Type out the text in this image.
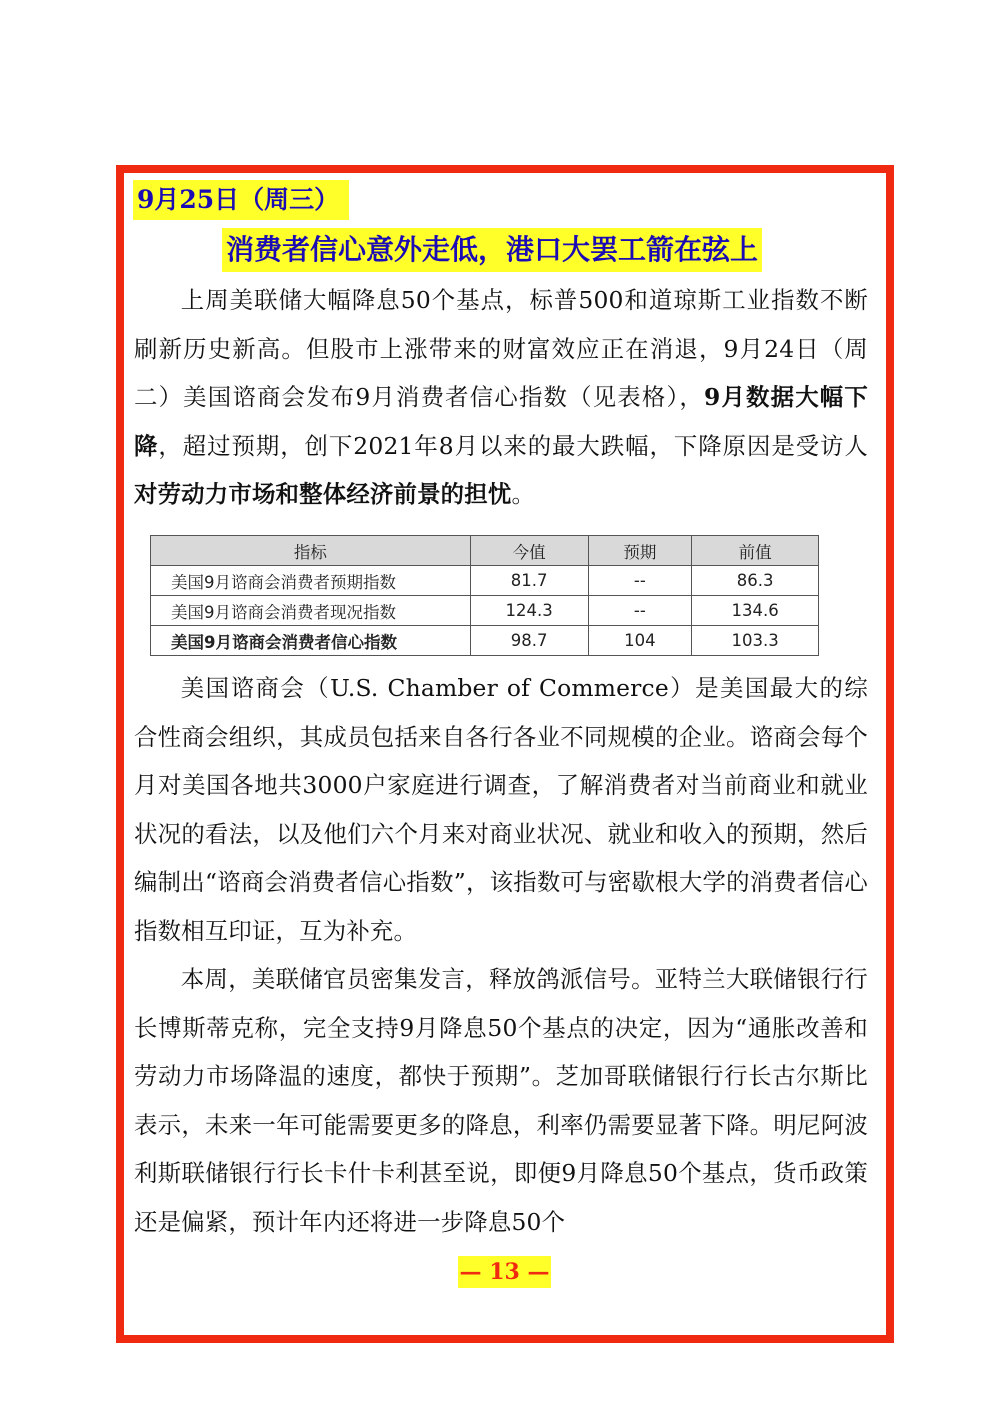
9月25日（周三）
消费者信心意外走低，港口大罢工箭在弦上

上周美联储大幅降息50个基点，标普500和道琼斯工业指数不断刷新历史新高。但股市上涨带来的财富效应正在消退，9月24日（周二）美国谘商会发布9月消费者信心指数（见表格），9月数据大幅下降，超过预期，创下2021年8月以来的最大跌幅，下降原因是受访人对劳动力市场和整体经济前景的担忧。

指标	今值	预期	前值
美国9月谘商会消费者预期指数	81.7	--	86.3
美国9月谘商会消费者现况指数	124.3	--	134.6
美国9月谘商会消费者信心指数	98.7	104	103.3

美国谘商会（U.S. Chamber of Commerce）是美国最大的综合性商会组织，其成员包括来自各行各业不同规模的企业。谘商会每个月对美国各地共3000户家庭进行调查，了解消费者对当前商业和就业状况的看法，以及他们六个月来对商业状况、就业和收入的预期，然后编制出“谘商会消费者信心指数”，该指数可与密歇根大学的消费者信心指数相互印证，互为补充。

本周，美联储官员密集发言，释放鸽派信号。亚特兰大联储银行行长博斯蒂克称，完全支持9月降息50个基点的决定，因为“通胀改善和劳动力市场降温的速度，都快于预期”。芝加哥联储银行行长古尔斯比表示，未来一年可能需要更多的降息，利率仍需要显著下降。明尼阿波利斯联储银行行长卡什卡利甚至说，即便9月降息50个基点，货币政策还是偏紧，预计年内还将进一步降息50个

— 13 —
